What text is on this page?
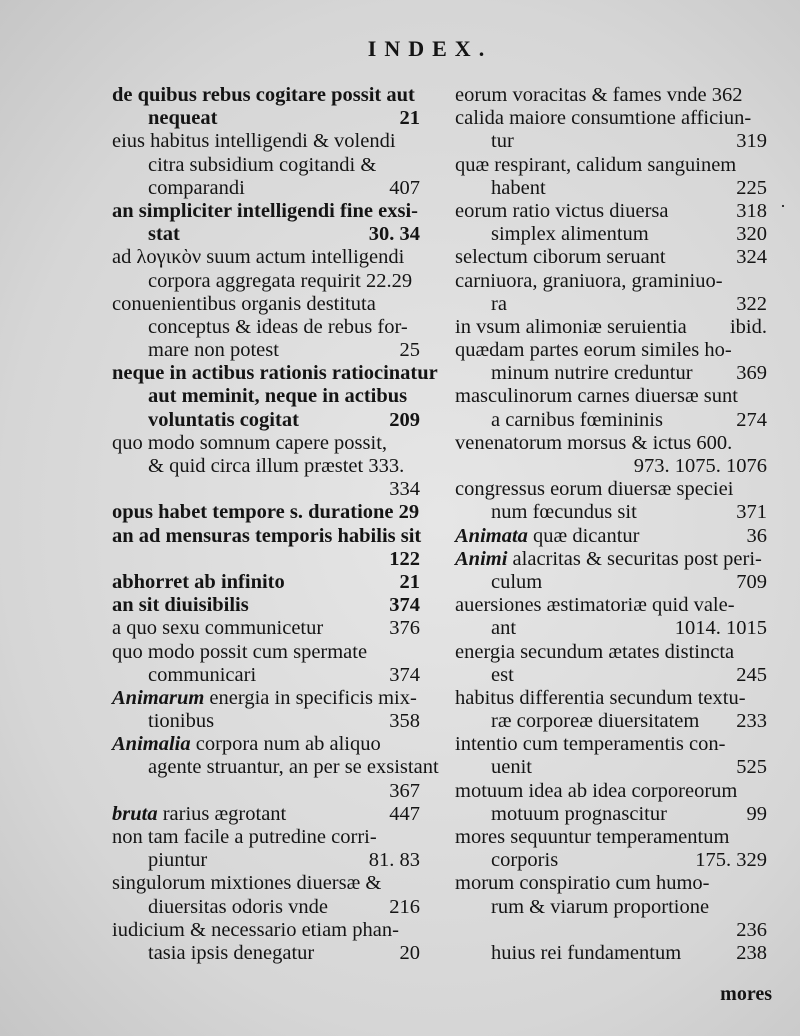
INDEX.
·
de quibus rebus cogitare possit aut
nequeat	21
eius habitus intelligendi & volendi
citra subsidium cogitandi &
comparandi	407
an simpliciter intelligendi fine exsi-
stat	30. 34
ad λογικὸν suum actum intelligendi
corpora aggregata requirit 22.29
conuenientibus organis destituta
conceptus & ideas de rebus for-
mare non potest	25
neque in actibus rationis ratiocinatur
aut meminit, neque in actibus
voluntatis cogitat	209
quo modo somnum capere possit,
& quid circa illum præstet 333.
334
opus habet tempore s. duratione 29
an ad mensuras temporis habilis sit
122
abhorret ab infinito	21
an sit diuisibilis	374
a quo sexu communicetur	376
quo modo possit cum spermate
communicari	374
Animarum energia in specificis mix-
tionibus	358
Animalia corpora num ab aliquo
agente struantur, an per se exsistant
367
bruta rarius ægrotant	447
non tam facile a putredine corri-
piuntur	81. 83
singulorum mixtiones diuersæ &
diuersitas odoris vnde	216
iudicium & necessario etiam phan-
tasia ipsis denegatur	20
eorum voracitas & fames vnde 362
calida maiore consumtione afficiun-
tur	319
quæ respirant, calidum sanguinem
habent	225
eorum ratio victus diuersa	318
simplex alimentum	320
selectum ciborum seruant	324
carniuora, graniuora, graminiuo-
ra	322
in vsum alimoniæ seruientia ibid.
quædam partes eorum similes ho-
minum nutrire creduntur 369
masculinorum carnes diuersæ sunt
a carnibus fœmininis	274
venenatorum morsus & ictus 600.
973. 1075. 1076
congressus eorum diuersæ speciei
num fœcundus sit	371
Animata quæ dicantur	36
Animi alacritas & securitas post peri-
culum	709
auersiones æstimatoriæ quid vale-
ant	1014. 1015
energia secundum ætates distincta
est	245
habitus differentia secundum textu-
ræ corporeæ diuersitatem 233
intentio cum temperamentis con-
uenit	525
motuum idea ab idea corporeorum
motuum prognascitur	99
mores sequuntur temperamentum
corporis	175. 329
morum conspiratio cum humo-
rum & viarum proportione
236
huius rei fundamentum	238
mores
